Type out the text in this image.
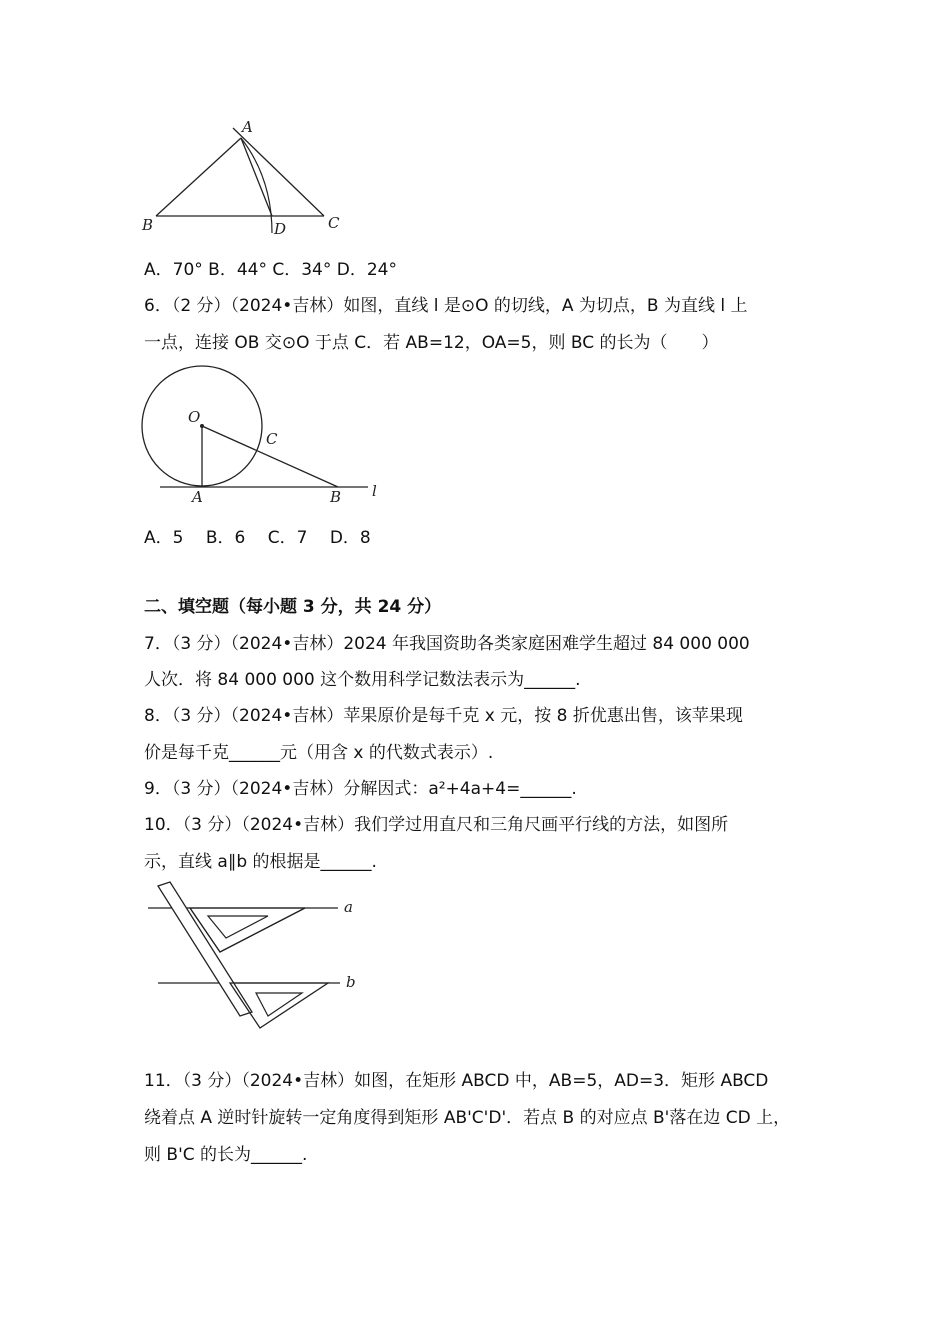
A
B	C
D
A．70° B．44° C．34° D．24°
6．（2 分）（2024•吉林）如图，直线 l 是⊙O 的切线，A 为切点，B 为直线 l 上
一点，连接 OB 交⊙O 于点 C．若 AB=12，OA=5，则 BC 的长为（　　）
O
C
A	B l
A．5　 B．6　 C．7　 D．8
二、填空题（每小题 3 分，共 24 分）
7．（3 分）（2024•吉林）2024 年我国资助各类家庭困难学生超过 84 000 000
人次．将 84 000 000 这个数用科学记数法表示为______.
8．（3 分）（2024•吉林）苹果原价是每千克 x 元，按 8 折优惠出售，该苹果现
价是每千克______元（用含 x 的代数式表示）.
9．（3 分）（2024•吉林）分解因式：a²+4a+4=______.
10．（3 分）（2024•吉林）我们学过用直尺和三角尺画平行线的方法，如图所
示，直线 a∥b 的根据是______.
a
b
11．（3 分）（2024•吉林）如图，在矩形 ABCD 中，AB=5，AD=3．矩形 ABCD
绕着点 A 逆时针旋转一定角度得到矩形 AB'C'D'．若点 B 的对应点 B'落在边 CD 上，
则 B'C 的长为______.
